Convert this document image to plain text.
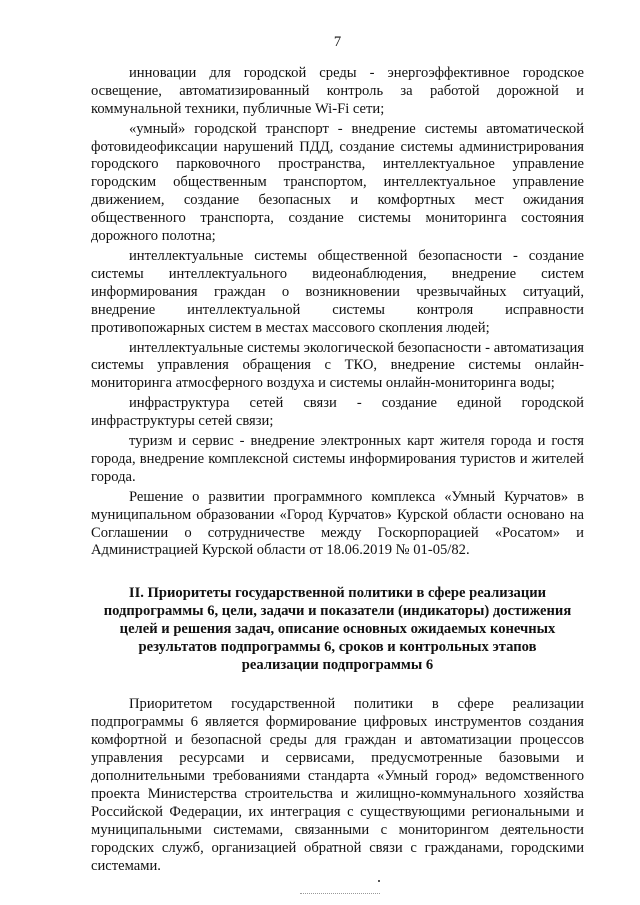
7

инновации для городской среды - энергоэффективное городское освещение, автоматизированный контроль за работой дорожной и коммунальной техники, публичные Wi-Fi сети;

«умный» городской транспорт - внедрение системы автоматической фотовидеофиксации нарушений ПДД, создание системы администрирования городского парковочного пространства, интеллектуальное управление городским общественным транспортом, интеллектуальное управление движением, создание безопасных и комфортных мест ожидания общественного транспорта, создание системы мониторинга состояния дорожного полотна;

интеллектуальные системы общественной безопасности - создание системы интеллектуального видеонаблюдения, внедрение систем информирования граждан о возникновении чрезвычайных ситуаций, внедрение интеллектуальной системы контроля исправности противопожарных систем в местах массового скопления людей;

интеллектуальные системы экологической безопасности - автоматизация системы управления обращения с ТКО, внедрение системы онлайн-мониторинга атмосферного воздуха и системы онлайн-мониторинга воды;

инфраструктура сетей связи - создание единой городской инфраструктуры сетей связи;

туризм и сервис - внедрение электронных карт жителя города и гостя города, внедрение комплексной системы информирования туристов и жителей города.

Решение о развитии программного комплекса «Умный Курчатов» в муниципальном образовании «Город Курчатов» Курской области основано на Соглашении о сотрудничестве между Госкорпорацией «Росатом» и Администрацией Курской области от 18.06.2019 № 01-05/82.

II. Приоритеты государственной политики в сфере реализации
подпрограммы 6, цели, задачи и показатели (индикаторы) достижения
целей и решения задач, описание основных ожидаемых конечных
результатов подпрограммы 6, сроков и контрольных этапов
реализации подпрограммы 6

Приоритетом государственной политики в сфере реализации подпрограммы 6 является формирование цифровых инструментов создания комфортной и безопасной среды для граждан и автоматизации процессов управления ресурсами и сервисами, предусмотренные базовыми и дополнительными требованиями стандарта «Умный город» ведомственного проекта Министерства строительства и жилищно-коммунального хозяйства Российской Федерации, их интеграция с существующими региональными и муниципальными системами, связанными с мониторингом деятельности городских служб, организацией обратной связи с гражданами, городскими системами.
